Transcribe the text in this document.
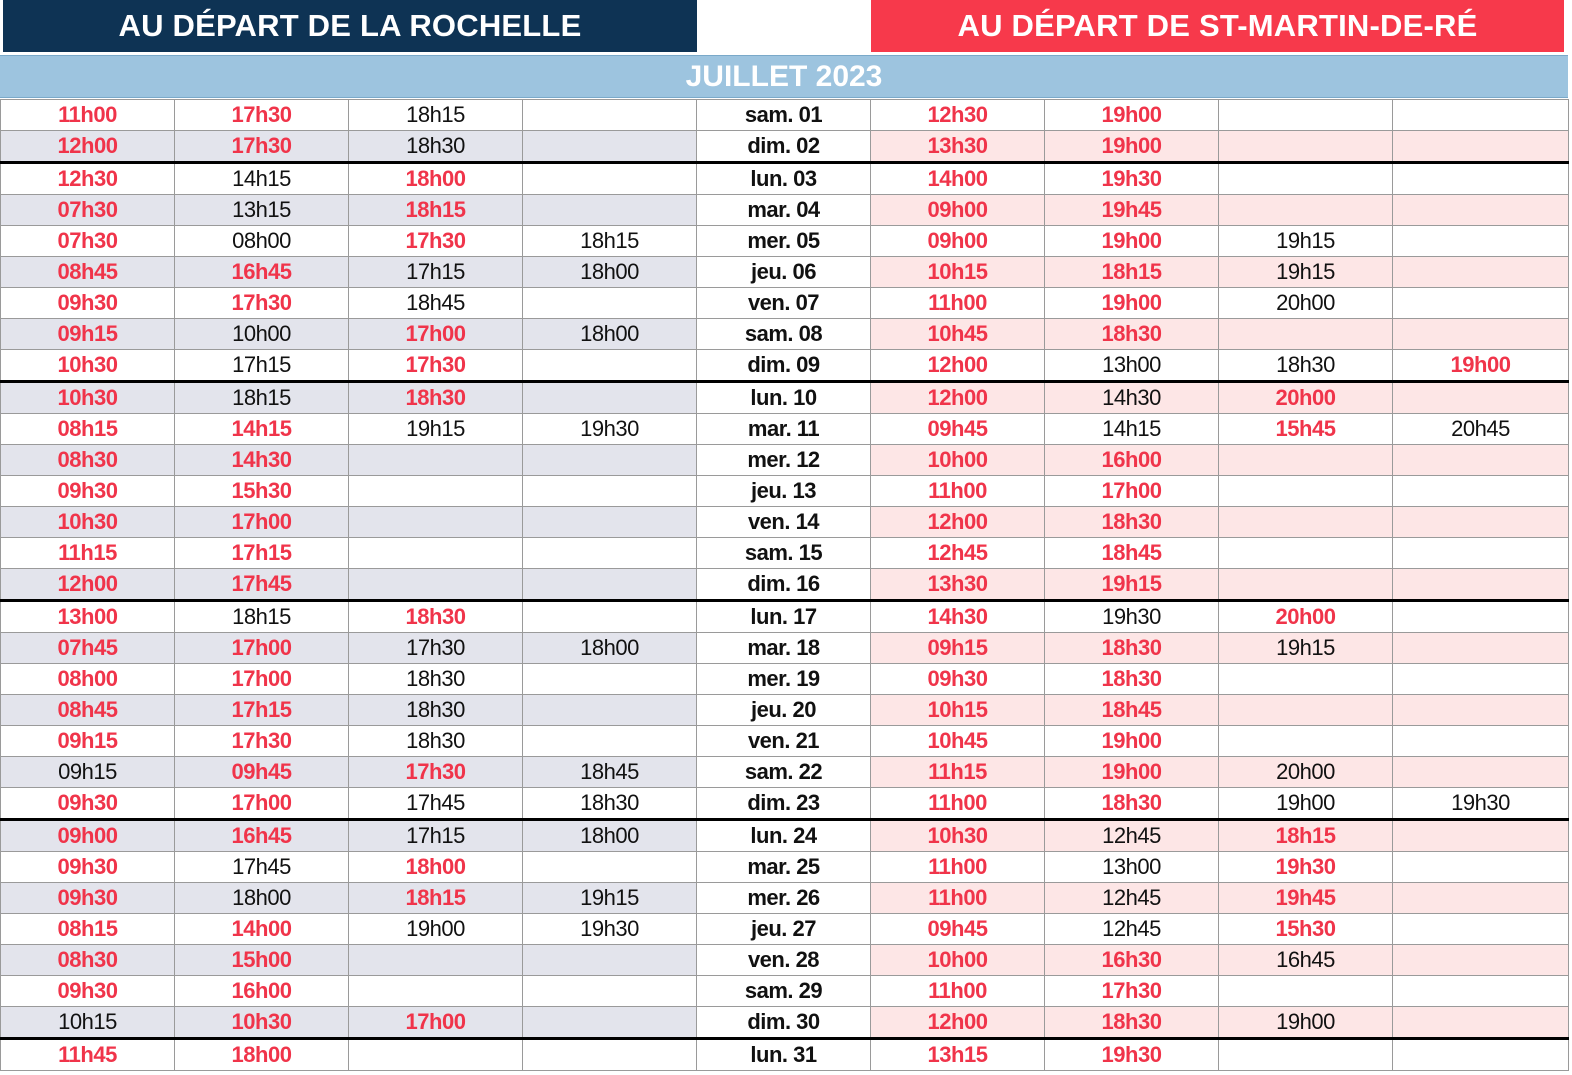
AU DÉPART DE LA ROCHELLE	AU DÉPART DE ST-MARTIN-DE-RÉ
JUILLET 2023
11h00	17h30	18h15		sam. 01	12h30	19h00		
12h00	17h30	18h30		dim. 02	13h30	19h00		
12h30	14h15	18h00		lun. 03	14h00	19h30		
07h30	13h15	18h15		mar. 04	09h00	19h45		
07h30	08h00	17h30	18h15	mer. 05	09h00	19h00	19h15	
08h45	16h45	17h15	18h00	jeu. 06	10h15	18h15	19h15	
09h30	17h30	18h45		ven. 07	11h00	19h00	20h00	
09h15	10h00	17h00	18h00	sam. 08	10h45	18h30		
10h30	17h15	17h30		dim. 09	12h00	13h00	18h30	19h00
10h30	18h15	18h30		lun. 10	12h00	14h30	20h00	
08h15	14h15	19h15	19h30	mar. 11	09h45	14h15	15h45	20h45
08h30	14h30			mer. 12	10h00	16h00		
09h30	15h30			jeu. 13	11h00	17h00		
10h30	17h00			ven. 14	12h00	18h30		
11h15	17h15			sam. 15	12h45	18h45		
12h00	17h45			dim. 16	13h30	19h15		
13h00	18h15	18h30		lun. 17	14h30	19h30	20h00	
07h45	17h00	17h30	18h00	mar. 18	09h15	18h30	19h15	
08h00	17h00	18h30		mer. 19	09h30	18h30		
08h45	17h15	18h30		jeu. 20	10h15	18h45		
09h15	17h30	18h30		ven. 21	10h45	19h00		
09h15	09h45	17h30	18h45	sam. 22	11h15	19h00	20h00	
09h30	17h00	17h45	18h30	dim. 23	11h00	18h30	19h00	19h30
09h00	16h45	17h15	18h00	lun. 24	10h30	12h45	18h15	
09h30	17h45	18h00		mar. 25	11h00	13h00	19h30	
09h30	18h00	18h15	19h15	mer. 26	11h00	12h45	19h45	
08h15	14h00	19h00	19h30	jeu. 27	09h45	12h45	15h30	
08h30	15h00			ven. 28	10h00	16h30	16h45	
09h30	16h00			sam. 29	11h00	17h30		
10h15	10h30	17h00		dim. 30	12h00	18h30	19h00	
11h45	18h00			lun. 31	13h15	19h30		
